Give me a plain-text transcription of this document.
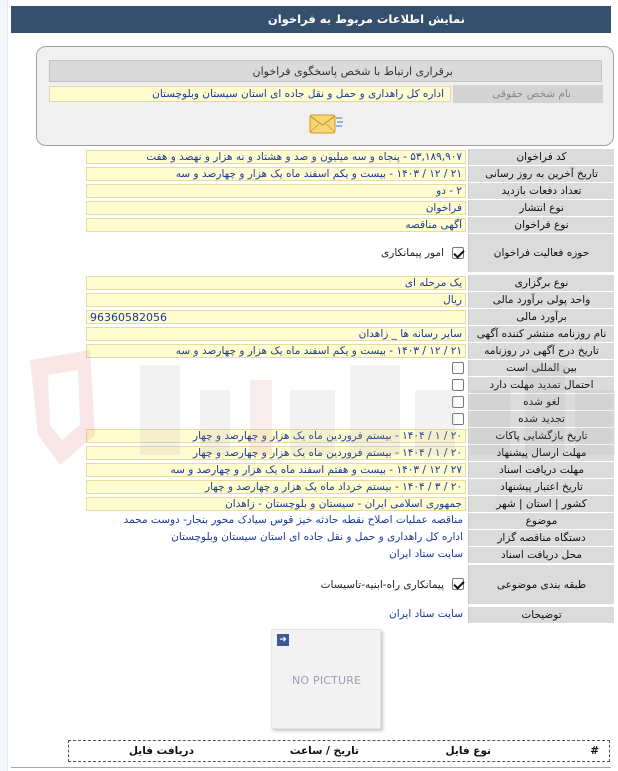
نمایش اطلاعات مربوط به فراخوان
برقراری ارتباط با شخص پاسخگوی فراخوان
نام شخص حقوقی
اداره کل راهداری و حمل و نقل جاده ای استان سیستان وبلوچستان
کد فراخوان
۵۳,۱۸۹,۹۰۷ - پنجاه و سه میلیون و صد و هشتاد و نه هزار و نهصد و هفت
تاریخ آخرین به روز رسانی
۲۱ / ۱۲ / ۱۴۰۳ - بیست و یکم اسفند ماه یک هزار و چهارصد و سه
تعداد دفعات بازدید
۲ - دو
نوع انتشار
فراخوان
نوع فراخوان
آگهی مناقصه
حوزه فعالیت فراخوان
امور پیمانکاری
نوع برگزاری
یک مرحله ای
واحد پولی برآورد مالی
ریال
برآورد مالی
96360582056
نام روزنامه منتشر کننده آگهی
سایر رسانه ها _ زاهدان
تاریخ درج آگهی در روزنامه
۲۱ / ۱۲ / ۱۴۰۳ - بیست و یکم اسفند ماه یک هزار و چهارصد و سه
بین المللی است
احتمال تمدید مهلت دارد
لغو شده
تجدید شده
تاریخ بازگشایی پاکات
۲۰ / ۱ / ۱۴۰۴ - بیستم فروردین ماه یک هزار و چهارصد و چهار
مهلت ارسال پیشنهاد
۲۰ / ۱ / ۱۴۰۴ - بیستم فروردین ماه یک هزار و چهارصد و چهار
مهلت دریافت اسناد
۲۷ / ۱۲ / ۱۴۰۳ - بیست و هفتم اسفند ماه یک هزار و چهارصد و سه
تاریخ اعتبار پیشنهاد
۲۰ / ۳ / ۱۴۰۴ - بیستم خرداد ماه یک هزار و چهارصد و چهار
کشور | استان | شهر
جمهوری اسلامی ایران - سیستان و بلوچستان - زاهدان
موضوع
مناقصه عملیات اصلاح نقطه حادثه خیز قوس سیادک محور بنجار- دوست محمد
دستگاه مناقصه گزار
اداره کل راهداری و حمل و نقل جاده ای استان سیستان وبلوچستان
محل دریافت اسناد
سایت ستاد ایران
طبقه بندی موضوعی
پیمانکاری راه-ابنیه-تاسیسات
توضیحات
سایت ستاد ایران
➜
NO PICTURE
#
نوع فایل
تاریخ / ساعت
دریافت فایل
